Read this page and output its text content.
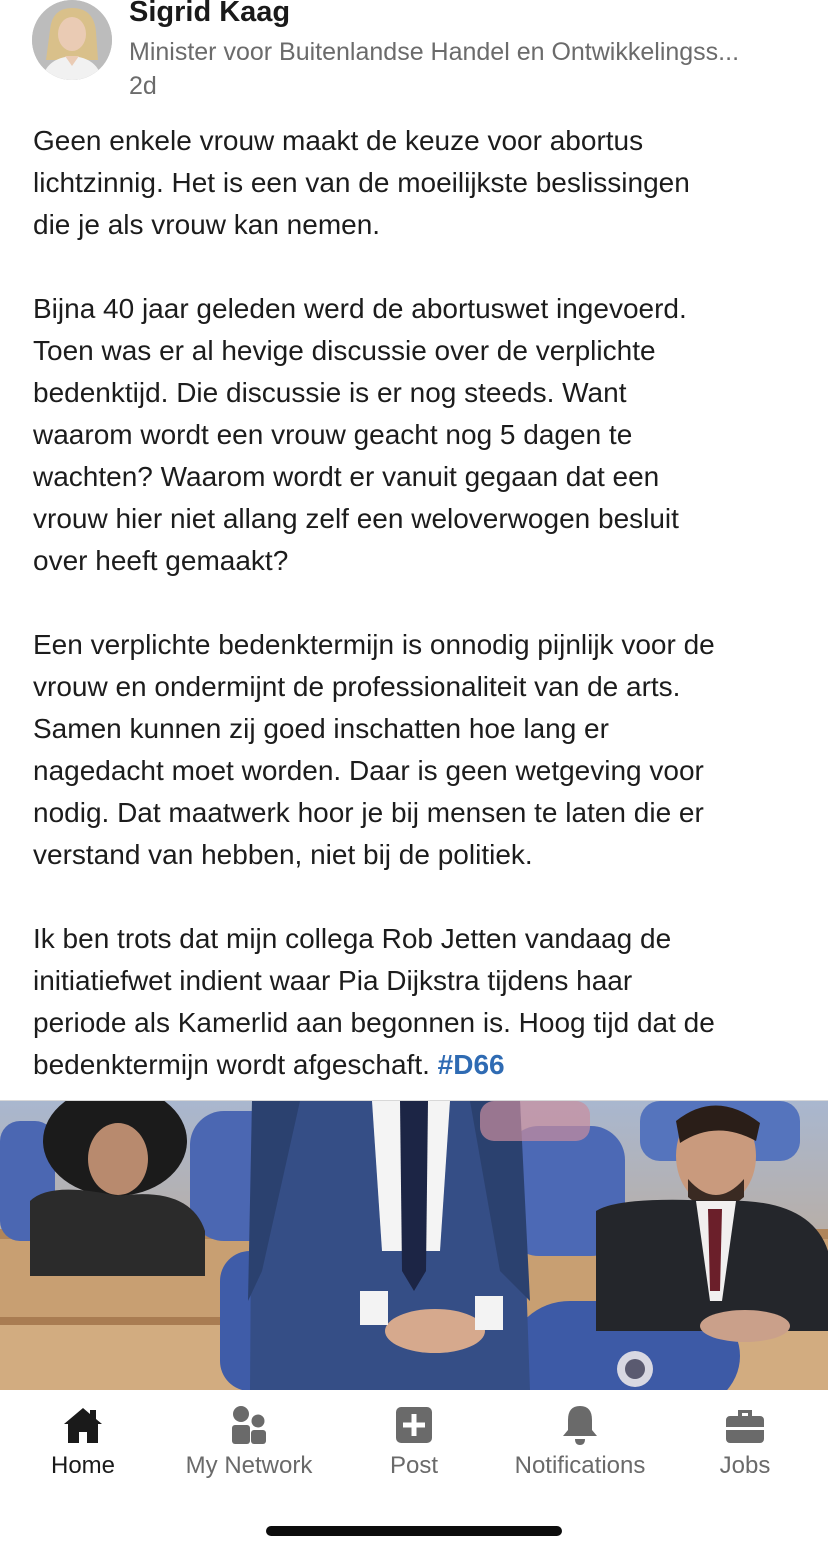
Sigrid Kaag
Minister voor Buitenlandse Handel en Ontwikkelingss...
2d

Geen enkele vrouw maakt de keuze voor abortus
lichtzinnig. Het is een van de moeilijkste beslissingen
die je als vrouw kan nemen.

Bijna 40 jaar geleden werd de abortuswet ingevoerd.
Toen was er al hevige discussie over de verplichte
bedenktijd. Die discussie is er nog steeds. Want
waarom wordt een vrouw geacht nog 5 dagen te
wachten? Waarom wordt er vanuit gegaan dat een
vrouw hier niet allang zelf een weloverwogen besluit
over heeft gemaakt?

Een verplichte bedenktermijn is onnodig pijnlijk voor de
vrouw en ondermijnt de professionaliteit van de arts.
Samen kunnen zij goed inschatten hoe lang er
nagedacht moet worden. Daar is geen wetgeving voor
nodig. Dat maatwerk hoor je bij mensen te laten die er
verstand van hebben, niet bij de politiek.

Ik ben trots dat mijn collega Rob Jetten vandaag de
initiatiefwet indient waar Pia Dijkstra tijdens haar
periode als Kamerlid aan begonnen is. Hoog tijd dat de
bedenktermijn wordt afgeschaft. #D66

Home	My Network	Post	Notifications	Jobs
